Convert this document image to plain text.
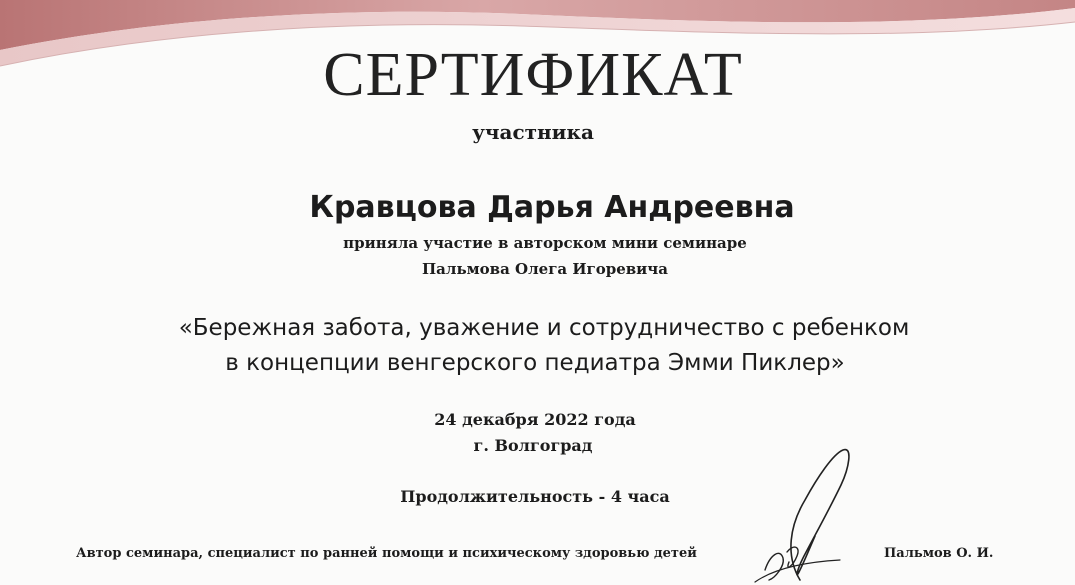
СЕРТИФИКАТ
участника
Кравцова Дарья Андреевна
приняла участие в авторском мини семинаре
Пальмова Олега Игоревича
«Бережная забота, уважение и сотрудничество с ребенком
в концепции венгерского педиатра Эмми Пиклер»
24 декабря 2022 года
г. Волгоград
Продолжительность - 4 часа
Автор семинара, специалист по ранней помощи и психическому здоровью детей	Пальмов О. И.
